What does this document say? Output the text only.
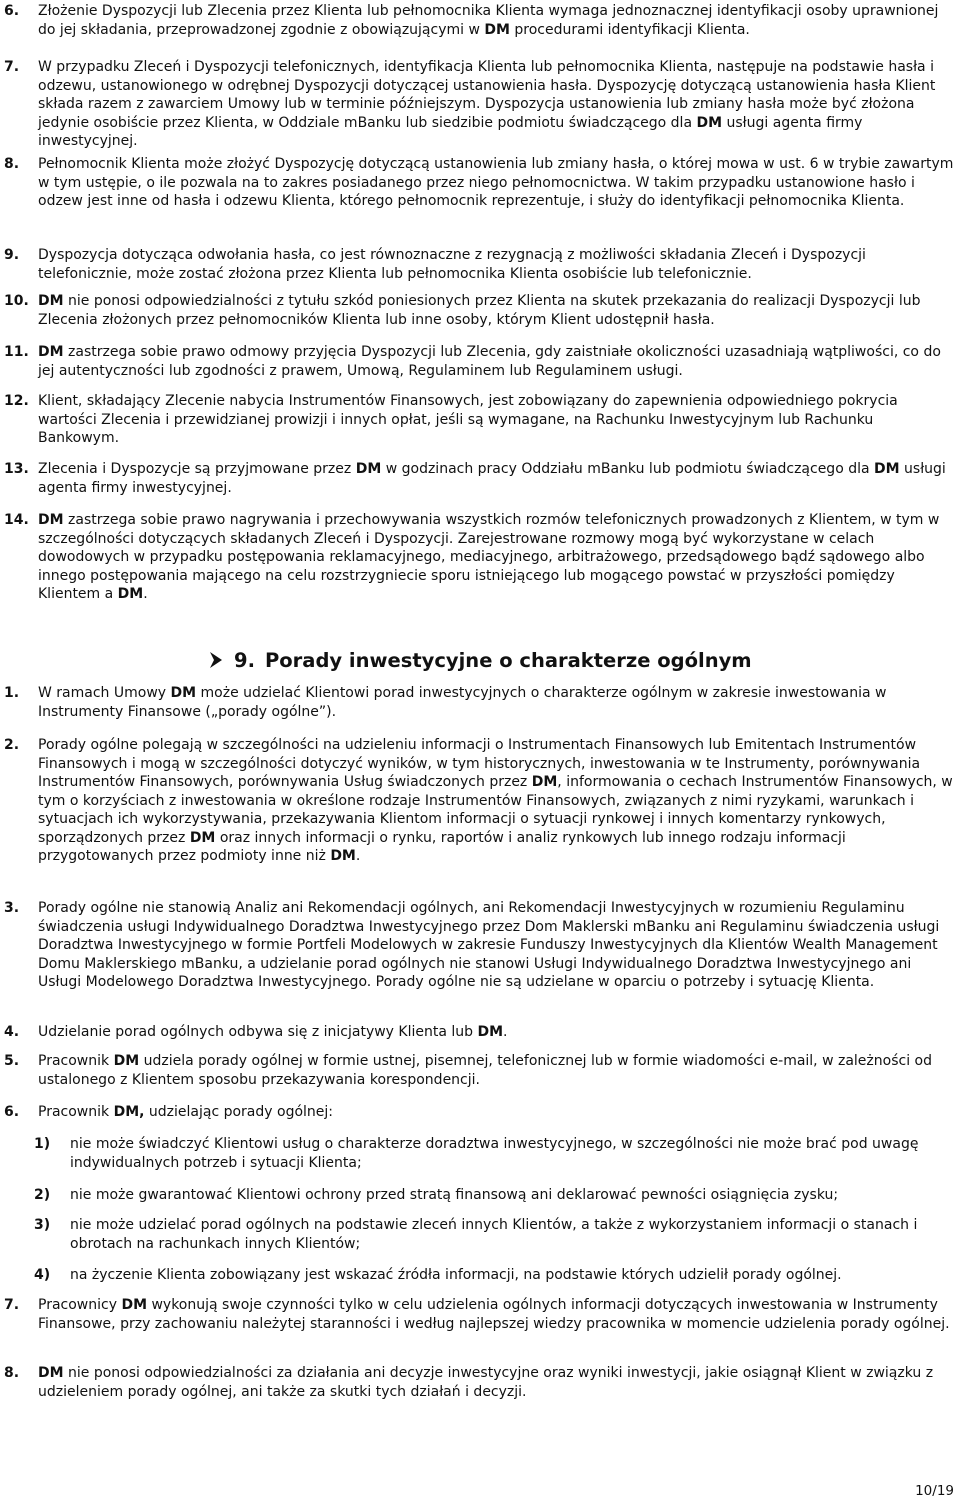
6. Złożenie Dyspozycji lub Zlecenia przez Klienta lub pełnomocnika Klienta wymaga jednoznacznej identyfikacji osoby uprawnionej do jej składania, przeprowadzonej zgodnie z obowiązującymi w DM procedurami identyfikacji Klienta.
7. W przypadku Zleceń i Dyspozycji telefonicznych, identyfikacja Klienta lub pełnomocnika Klienta, następuje na podstawie hasła i odzewu, ustanowionego w odrębnej Dyspozycji dotyczącej ustanowienia hasła. Dyspozycję dotyczącą ustanowienia hasła Klient składa razem z zawarciem Umowy lub w terminie późniejszym. Dyspozycja ustanowienia lub zmiany hasła może być złożona jedynie osobiście przez Klienta, w Oddziale mBanku lub siedzibie podmiotu świadczącego dla DM usługi agenta firmy inwestycyjnej.
8. Pełnomocnik Klienta może złożyć Dyspozycję dotyczącą ustanowienia lub zmiany hasła, o której mowa w ust. 6 w trybie zawartym w tym ustępie, o ile pozwala na to zakres posiadanego przez niego pełnomocnictwa. W takim przypadku ustanowione hasło i odzew jest inne od hasła i odzewu Klienta, którego pełnomocnik reprezentuje, i służy do identyfikacji pełnomocnika Klienta.
9. Dyspozycja dotycząca odwołania hasła, co jest równoznaczne z rezygnacją z możliwości składania Zleceń i Dyspozycji telefonicznie, może zostać złożona przez Klienta lub pełnomocnika Klienta osobiście lub telefonicznie.
10. DM nie ponosi odpowiedzialności z tytułu szkód poniesionych przez Klienta na skutek przekazania do realizacji Dyspozycji lub Zlecenia złożonych przez pełnomocników Klienta lub inne osoby, którym Klient udostępnił hasła.
11. DM zastrzega sobie prawo odmowy przyjęcia Dyspozycji lub Zlecenia, gdy zaistniałe okoliczności uzasadniają wątpliwości, co do jej autentyczności lub zgodności z prawem, Umową, Regulaminem lub Regulaminem usługi.
12. Klient, składający Zlecenie nabycia Instrumentów Finansowych, jest zobowiązany do zapewnienia odpowiedniego pokrycia wartości Zlecenia i przewidzianej prowizji i innych opłat, jeśli są wymagane, na Rachunku Inwestycyjnym lub Rachunku Bankowym.
13. Zlecenia i Dyspozycje są przyjmowane przez DM w godzinach pracy Oddziału mBanku lub podmiotu świadczącego dla DM usługi agenta firmy inwestycyjnej.
14. DM zastrzega sobie prawo nagrywania i przechowywania wszystkich rozmów telefonicznych prowadzonych z Klientem, w tym w szczególności dotyczących składanych Zleceń i Dyspozycji. Zarejestrowane rozmowy mogą być wykorzystane w celach dowodowych w przypadku postępowania reklamacyjnego, mediacyjnego, arbitrażowego, przedsądowego bądź sądowego albo innego postępowania mającego na celu rozstrzygniecie sporu istniejącego lub mogącego powstać w przyszłości pomiędzy Klientem a DM.
9. Porady inwestycyjne o charakterze ogólnym
1. W ramach Umowy DM może udzielać Klientowi porad inwestycyjnych o charakterze ogólnym w zakresie inwestowania w Instrumenty Finansowe („porady ogólne”).
2. Porady ogólne polegają w szczególności na udzieleniu informacji o Instrumentach Finansowych lub Emitentach Instrumentów Finansowych i mogą w szczególności dotyczyć wyników, w tym historycznych, inwestowania w te Instrumenty, porównywania Instrumentów Finansowych, porównywania Usług świadczonych przez DM, informowania o cechach Instrumentów Finansowych, w tym o korzyściach z inwestowania w określone rodzaje Instrumentów Finansowych, związanych z nimi ryzykami, warunkach i sytuacjach ich wykorzystywania, przekazywania Klientom informacji o sytuacji rynkowej i innych komentarzy rynkowych, sporządzonych przez DM oraz innych informacji o rynku, raportów i analiz rynkowych lub innego rodzaju informacji przygotowanych przez podmioty inne niż DM.
3. Porady ogólne nie stanowią Analiz ani Rekomendacji ogólnych, ani Rekomendacji Inwestycyjnych w rozumieniu Regulaminu świadczenia usługi Indywidualnego Doradztwa Inwestycyjnego przez Dom Maklerski mBanku ani Regulaminu świadczenia usługi Doradztwa Inwestycyjnego w formie Portfeli Modelowych w zakresie Funduszy Inwestycyjnych dla Klientów Wealth Management Domu Maklerskiego mBanku, a udzielanie porad ogólnych nie stanowi Usługi Indywidualnego Doradztwa Inwestycyjnego ani Usługi Modelowego Doradztwa Inwestycyjnego. Porady ogólne nie są udzielane w oparciu o potrzeby i sytuację Klienta.
4. Udzielanie porad ogólnych odbywa się z inicjatywy Klienta lub DM.
5. Pracownik DM udziela porady ogólnej w formie ustnej, pisemnej, telefonicznej lub w formie wiadomości e-mail, w zależności od ustalonego z Klientem sposobu przekazywania korespondencji.
6. Pracownik DM, udzielając porady ogólnej:
1) nie może świadczyć Klientowi usług o charakterze doradztwa inwestycyjnego, w szczególności nie może brać pod uwagę indywidualnych potrzeb i sytuacji Klienta;
2) nie może gwarantować Klientowi ochrony przed stratą finansową ani deklarować pewności osiągnięcia zysku;
3) nie może udzielać porad ogólnych na podstawie zleceń innych Klientów, a także z wykorzystaniem informacji o stanach i obrotach na rachunkach innych Klientów;
4) na życzenie Klienta zobowiązany jest wskazać źródła informacji, na podstawie których udzielił porady ogólnej.
7. Pracownicy DM wykonują swoje czynności tylko w celu udzielenia ogólnych informacji dotyczących inwestowania w Instrumenty Finansowe, przy zachowaniu należytej staranności i według najlepszej wiedzy pracownika w momencie udzielenia porady ogólnej.
8. DM nie ponosi odpowiedzialności za działania ani decyzje inwestycyjne oraz wyniki inwestycji, jakie osiągnął Klient w związku z udzieleniem porady ogólnej, ani także za skutki tych działań i decyzji.
10/19
